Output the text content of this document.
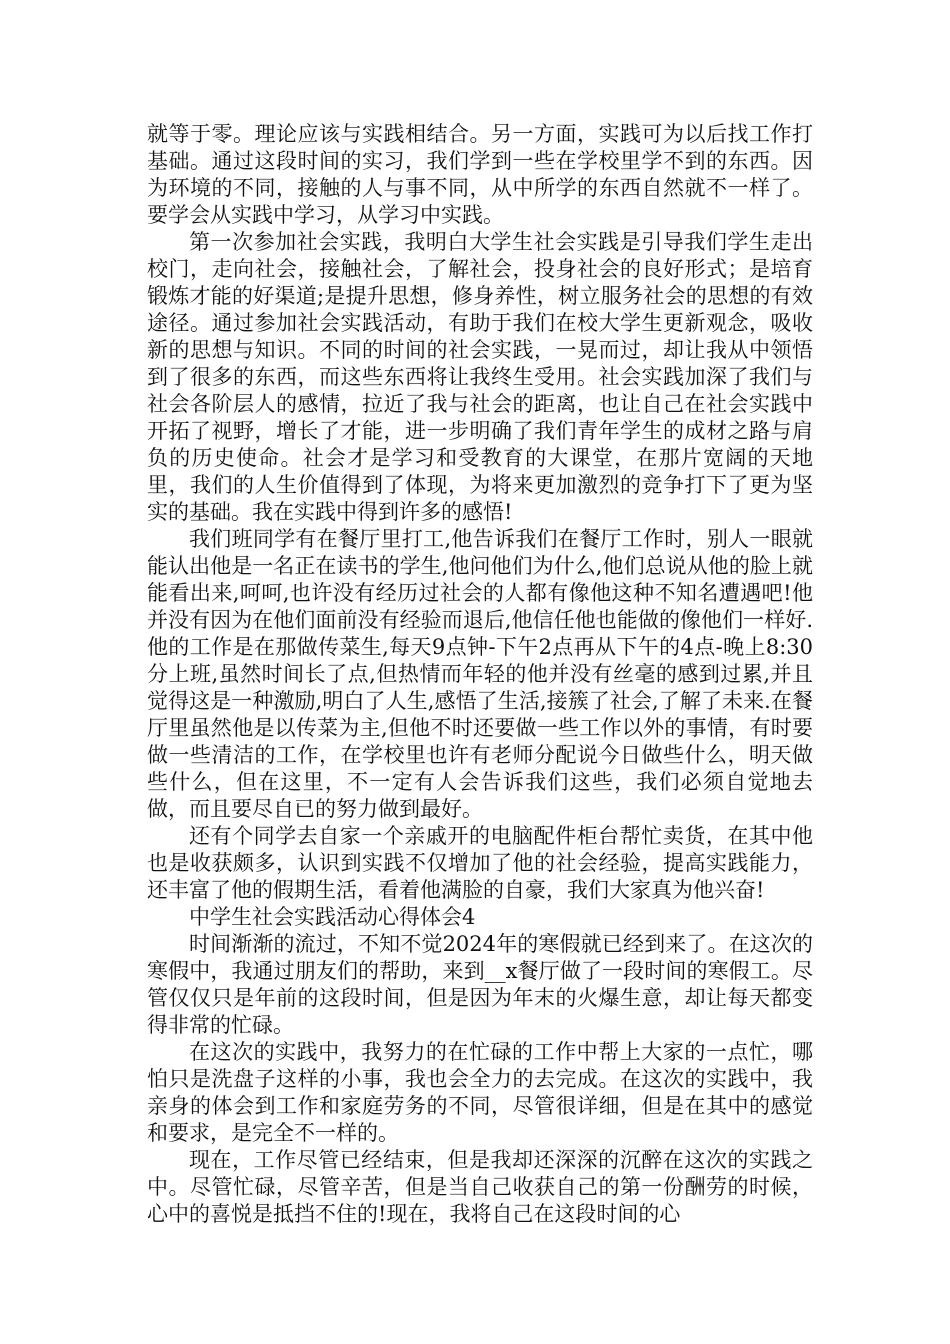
就等于零。理论应该与实践相结合。另一方面，实践可为以后找工作打基础。通过这段时间的实习，我们学到一些在学校里学不到的东西。因为环境的不同，接触的人与事不同，从中所学的东西自然就不一样了。要学会从实践中学习，从学习中实践。

第一次参加社会实践，我明白大学生社会实践是引导我们学生走出校门，走向社会，接触社会，了解社会，投身社会的良好形式；是培育锻炼才能的好渠道;是提升思想，修身养性，树立服务社会的思想的有效途径。通过参加社会实践活动，有助于我们在校大学生更新观念，吸收新的思想与知识。不同的时间的社会实践，一晃而过，却让我从中领悟到了很多的东西，而这些东西将让我终生受用。社会实践加深了我们与社会各阶层人的感情，拉近了我与社会的距离，也让自己在社会实践中开拓了视野，增长了才能，进一步明确了我们青年学生的成材之路与肩负的历史使命。社会才是学习和受教育的大课堂，在那片宽阔的天地里，我们的人生价值得到了体现，为将来更加激烈的竞争打下了更为坚实的基础。我在实践中得到许多的感悟!

我们班同学有在餐厅里打工,他告诉我们在餐厅工作时，别人一眼就能认出他是一名正在读书的学生,他问他们为什么,他们总说从他的脸上就能看出来,呵呵,也许没有经历过社会的人都有像他这种不知名遭遇吧!他并没有因为在他们面前没有经验而退后,他信任他也能做的像他们一样好.他的工作是在那做传菜生,每天9点钟-下午2点再从下午的4点-晚上8:30分上班,虽然时间长了点,但热情而年轻的他并没有丝毫的感到过累,并且觉得这是一种激励,明白了人生,感悟了生活,接簇了社会,了解了未来.在餐厅里虽然他是以传菜为主,但他不时还要做一些工作以外的事情，有时要做一些清洁的工作，在学校里也许有老师分配说今日做些什么，明天做些什么，但在这里，不一定有人会告诉我们这些，我们必须自觉地去做，而且要尽自已的努力做到最好。

还有个同学去自家一个亲戚开的电脑配件柜台帮忙卖货，在其中他也是收获颇多，认识到实践不仅增加了他的社会经验，提高实践能力，还丰富了他的假期生活，看着他满脸的自豪，我们大家真为他兴奋!

中学生社会实践活动心得体会4

时间渐渐的流过，不知不觉2024年的寒假就已经到来了。在这次的寒假中，我通过朋友们的帮助，来到__x餐厅做了一段时间的寒假工。尽管仅仅只是年前的这段时间，但是因为年末的火爆生意，却让每天都变得非常的忙碌。

在这次的实践中，我努力的在忙碌的工作中帮上大家的一点忙，哪怕只是洗盘子这样的小事，我也会全力的去完成。在这次的实践中，我亲身的体会到工作和家庭劳务的不同，尽管很详细，但是在其中的感觉和要求，是完全不一样的。

现在，工作尽管已经结束，但是我却还深深的沉醉在这次的实践之中。尽管忙碌，尽管辛苦，但是当自己收获自己的第一份酬劳的时候，心中的喜悦是抵挡不住的!现在，我将自己在这段时间的心
